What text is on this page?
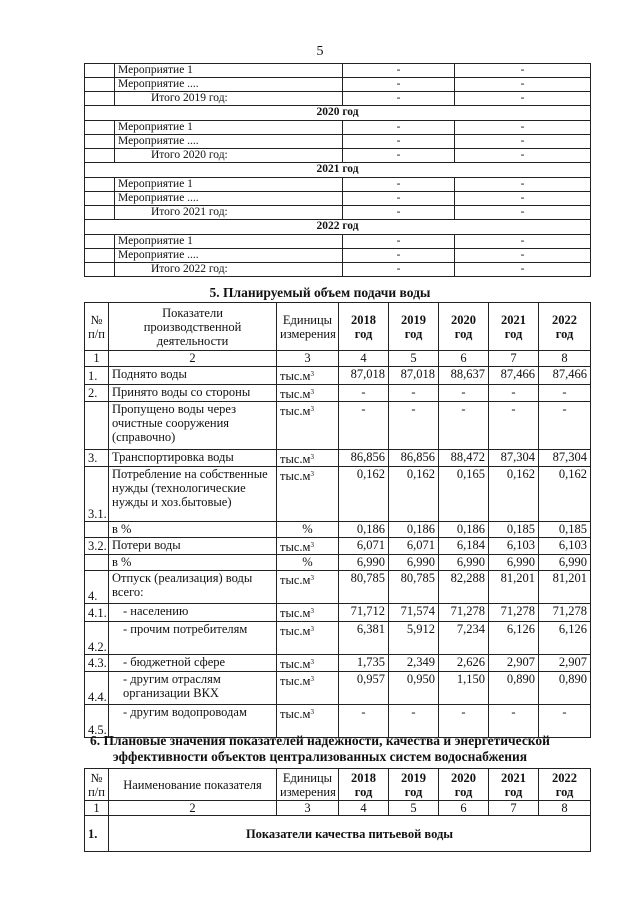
5
	Мероприятие 1	-	-
	Мероприятие ....	-	-
	Итого 2019 год:	-	-
2020 год			
	Мероприятие 1	-	-
	Мероприятие ....	-	-
	Итого 2020 год:	-	-
2021 год			
	Мероприятие 1	-	-
	Мероприятие ....	-	-
	Итого 2021 год:	-	-
2022 год			
	Мероприятие 1	-	-
	Мероприятие ....	-	-
	Итого 2022 год:	-	-
5. Планируемый объем подачи воды
№ п/п	Показатели производственной деятельности	Единицы измерения	2018 год	2019 год	2020 год	2021 год	2022 год
1	2	3	4	5	6	7	8
1.	Поднято воды	$тыс.м^3$	87,018	87,018	88,637	87,466	87,466
2.	Принято воды со стороны	$тыс.м^3$	-	-	-	-	-
	Пропущено воды через очистные сооружения (справочно)	$тыс.м^3$	-	-	-	-	-
3.	Транспортировка воды	$тыс.м^3$	86,856	86,856	88,472	87,304	87,304
3.1.	Потребление на собственные нужды (технологические нужды и хоз.бытовые)	$тыс.м^3$	0,162	0,162	0,165	0,162	0,162
	в %	%	0,186	0,186	0,186	0,185	0,185
3.2.	Потери воды	$тыс.м^3$	6,071	6,071	6,184	6,103	6,103
	в %	%	6,990	6,990	6,990	6,990	6,990
4.	Отпуск (реализация) воды всего:	$тыс.м^3$	80,785	80,785	82,288	81,201	81,201
4.1.	- населению	$тыс.м^3$	71,712	71,574	71,278	71,278	71,278
4.2.	- прочим потребителям	$тыс.м^3$	6,381	5,912	7,234	6,126	6,126
4.3.	- бюджетной сфере	$тыс.м^3$	1,735	2,349	2,626	2,907	2,907
4.4.	- другим отраслям организации ВКХ	$тыс.м^3$	0,957	0,950	1,150	0,890	0,890
4.5.	- другим водопроводам	$тыс.м^3$	-	-	-	-	-
6. Плановые значения показателей надежности, качества и энергетической
эффективности объектов централизованных систем водоснабжения
№ п/п	Наименование показателя	Единицы измерения	2018 год	2019 год	2020 год	2021 год	2022 год
1	2	3	4	5	6	7	8
1.	Показатели качества питьевой воды						
